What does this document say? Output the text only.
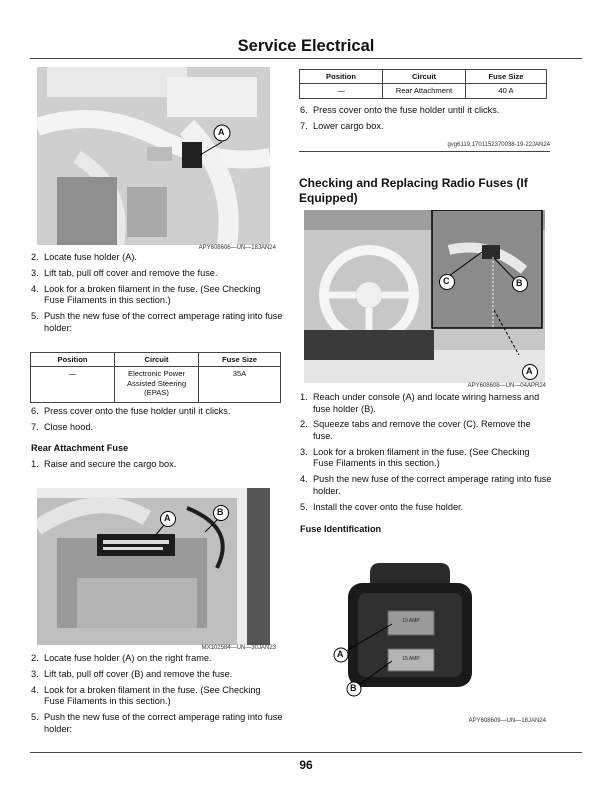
Service Electrical
A
APY608606—UN—18JAN24
2. Locate fuse holder (A).
3. Lift tab, pull off cover and remove the fuse.
4. Look for a broken filament in the fuse. (See Checking Fuse Filaments in this section.)
5. Push the new fuse of the correct amperage rating into fuse holder:
Position	Circuit	Fuse Size
—	Electronic Power Assisted Steering (EPAS)	35A
6. Press cover onto the fuse holder until it clicks.
7. Close hood.
Rear Attachment Fuse
1. Raise and secure the cargo box.
A
B
MX102584—UN—30JAN23
2. Locate fuse holder (A) on the right frame.
3. Lift tab, pull off cover (B) and remove the fuse.
4. Look for a broken filament in the fuse. (See Checking Fuse Filaments in this section.)
5. Push the new fuse of the correct amperage rating into fuse holder:
Position	Circuit	Fuse Size
—	Rear Attachment	40 A
6. Press cover onto the fuse holder until it clicks.
7. Lower cargo box.
gvg6119,1701152370038-19-22JAN24
Checking and Replacing Radio Fuses (If Equipped)
C	B
A
APY608608—UN—04APR24
1. Reach under console (A) and locate wiring harness and fuse holder (B).
2. Squeeze tabs and remove the cover (C). Remove the fuse.
3. Look for a broken filament in the fuse. (See Checking Fuse Filaments in this section.)
4. Push the new fuse of the correct amperage rating into fuse holder.
5. Install the cover onto the fuse holder.
Fuse Identification
10 AMP
15 AMP
A
B
APY608609—UN—18JAN24
96
